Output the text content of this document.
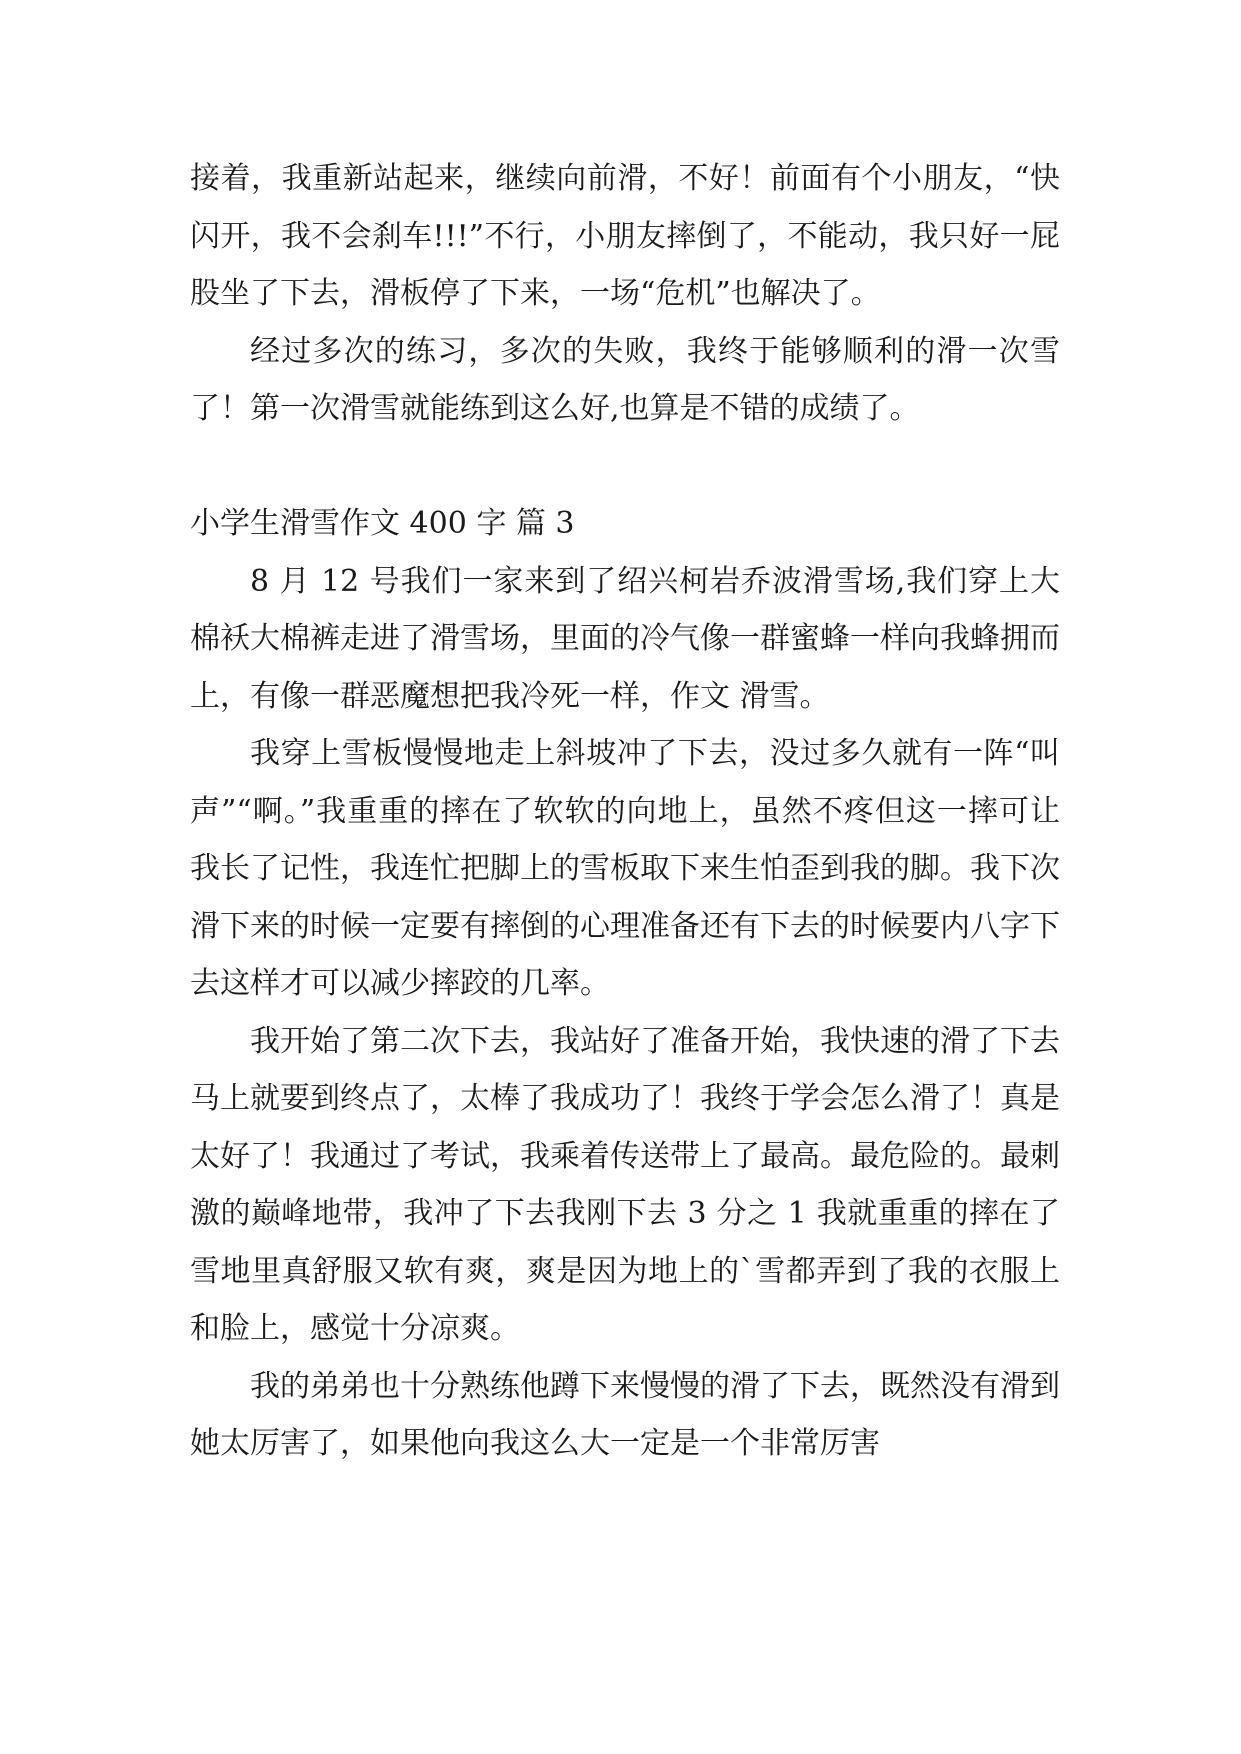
接着，我重新站起来，继续向前滑，不好！前面有个小朋友，“快闪开，我不会刹车!!!”不行，小朋友摔倒了，不能动，我只好一屁股坐了下去，滑板停了下来，一场“危机”也解决了。

经过多次的练习，多次的失败，我终于能够顺利的滑一次雪了！第一次滑雪就能练到这么好,也算是不错的成绩了。

小学生滑雪作文 400 字 篇 3

8 月 12 号我们一家来到了绍兴柯岩乔波滑雪场,我们穿上大棉袄大棉裤走进了滑雪场，里面的冷气像一群蜜蜂一样向我蜂拥而上，有像一群恶魔想把我冷死一样，作文 滑雪。

我穿上雪板慢慢地走上斜坡冲了下去，没过多久就有一阵“叫声”“啊。”我重重的摔在了软软的向地上，虽然不疼但这一摔可让我长了记性，我连忙把脚上的雪板取下来生怕歪到我的脚。我下次滑下来的时候一定要有摔倒的心理准备还有下去的时候要内八字下去这样才可以减少摔跤的几率。

我开始了第二次下去，我站好了准备开始，我快速的滑了下去马上就要到终点了，太棒了我成功了！我终于学会怎么滑了！真是太好了！我通过了考试，我乘着传送带上了最高。最危险的。最刺激的巅峰地带，我冲了下去我刚下去 3 分之 1 我就重重的摔在了雪地里真舒服又软有爽，爽是因为地上的`雪都弄到了我的衣服上和脸上，感觉十分凉爽。

我的弟弟也十分熟练他蹲下来慢慢的滑了下去，既然没有滑到她太厉害了，如果他向我这么大一定是一个非常厉害
